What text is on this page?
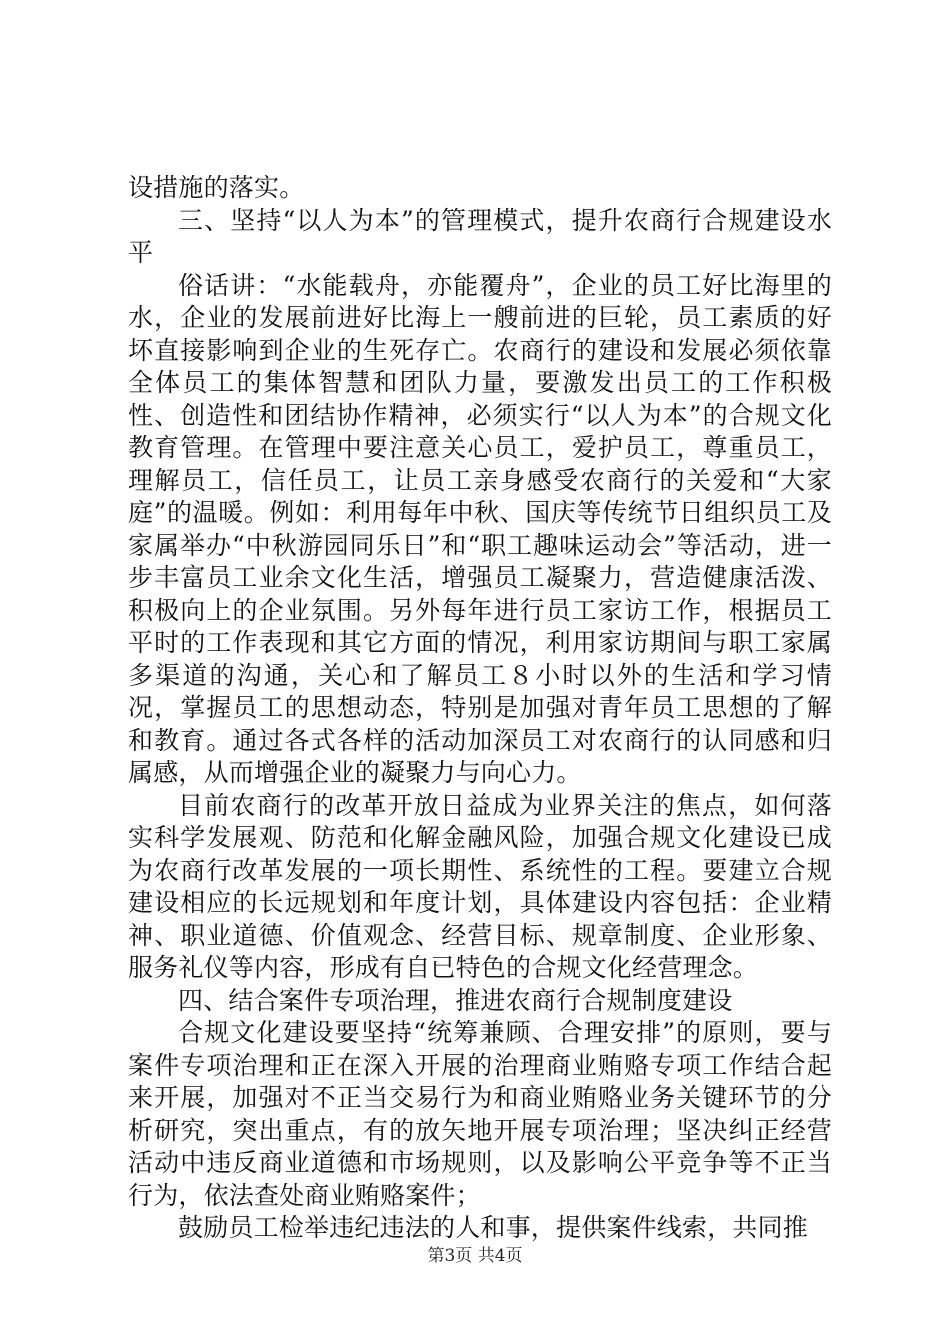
设措施的落实。

三、坚持“以人为本”的管理模式，提升农商行合规建设水平

俗话讲：“水能载舟，亦能覆舟”，企业的员工好比海里的水，企业的发展前进好比海上一艘前进的巨轮，员工素质的好坏直接影响到企业的生死存亡。农商行的建设和发展必须依靠全体员工的集体智慧和团队力量，要激发出员工的工作积极性、创造性和团结协作精神，必须实行“以人为本”的合规文化教育管理。在管理中要注意关心员工，爱护员工，尊重员工，理解员工，信任员工，让员工亲身感受农商行的关爱和“大家庭”的温暖。例如：利用每年中秋、国庆等传统节日组织员工及家属举办“中秋游园同乐日”和“职工趣味运动会”等活动，进一步丰富员工业余文化生活，增强员工凝聚力，营造健康活泼、积极向上的企业氛围。另外每年进行员工家访工作，根据员工平时的工作表现和其它方面的情况，利用家访期间与职工家属多渠道的沟通，关心和了解员工８小时以外的生活和学习情况，掌握员工的思想动态，特别是加强对青年员工思想的了解和教育。通过各式各样的活动加深员工对农商行的认同感和归属感，从而增强企业的凝聚力与向心力。

目前农商行的改革开放日益成为业界关注的焦点，如何落实科学发展观、防范和化解金融风险，加强合规文化建设已成为农商行改革发展的一项长期性、系统性的工程。要建立合规建设相应的长远规划和年度计划，具体建设内容包括：企业精神、职业道德、价值观念、经营目标、规章制度、企业形象、服务礼仪等内容，形成有自已特色的合规文化经营理念。

四、结合案件专项治理，推进农商行合规制度建设

合规文化建设要坚持“统筹兼顾、合理安排”的原则，要与案件专项治理和正在深入开展的治理商业贿赂专项工作结合起来开展，加强对不正当交易行为和商业贿赂业务关键环节的分析研究，突出重点，有的放矢地开展专项治理；坚决纠正经营活动中违反商业道德和市场规则，以及影响公平竞争等不正当行为，依法查处商业贿赂案件；

鼓励员工检举违纪违法的人和事，提供案件线索，共同推

第3页 共4页
